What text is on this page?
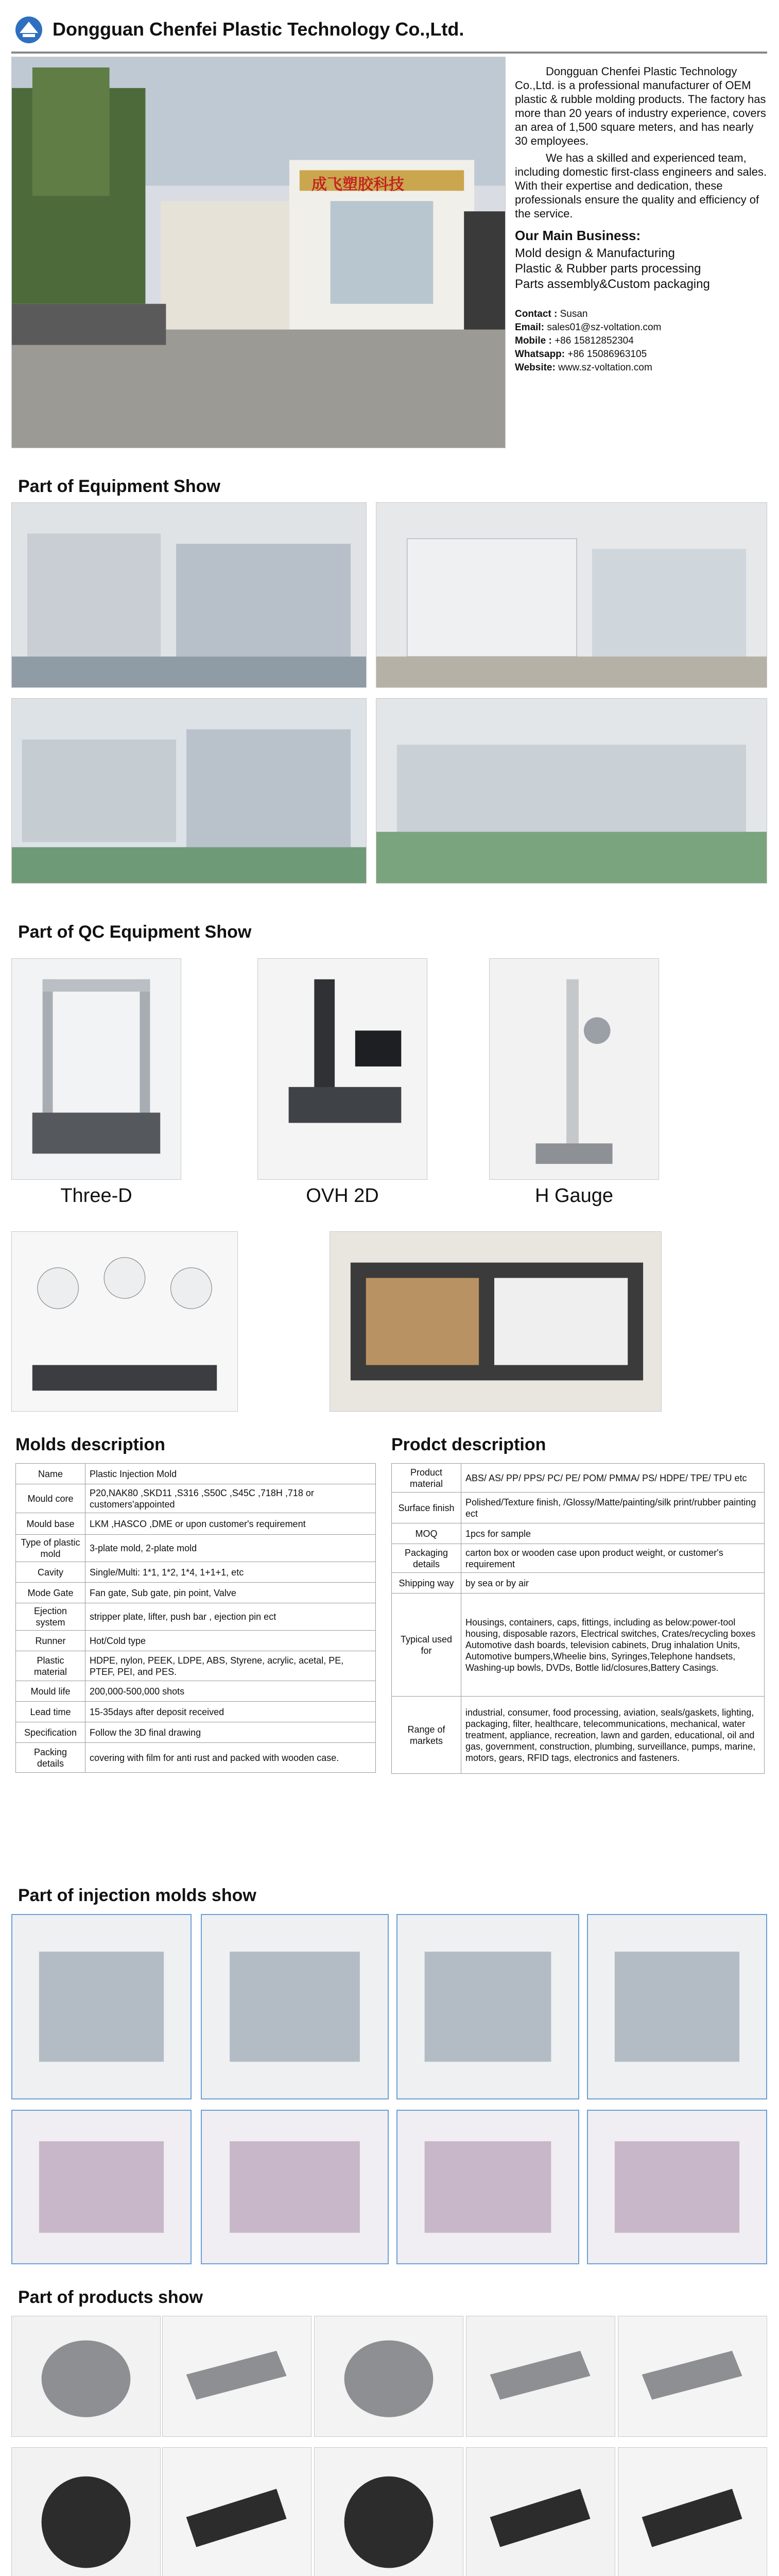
Dongguan Chenfei Plastic Technology Co.,Ltd.
成飞塑胶科技

Dongguan Chenfei Plastic Technology Co.,Ltd. is a professional manufacturer of OEM plastic & rubble molding products. The factory has more than 20 years of industry experience, covers an area of 1,500 square meters, and has nearly 30 employees.

We has a skilled and experienced team, including domestic first-class engineers and sales. With their expertise and dedication, these professionals ensure the quality and efficiency of the service.

Our Main Business:
Mold design & Manufacturing
Plastic & Rubber parts processing
Parts assembly&Custom packaging
Contact : Susan
Email: sales01@sz-voltation.com
Mobile : +86 15812852304
Whatsapp: +86 15086963105
Website: www.sz-voltation.com
Part of Equipment Show
Part of QC Equipment Show
Three-D	OVH 2D	H Gauge
Molds description
Name	Plastic Injection Mold
Mould core	P20,NAK80 ,SKD11 ,S316 ,S50C ,S45C ,718H ,718 or customers'appointed
Mould base	LKM ,HASCO ,DME or upon customer's requirement
Type of plastic mold	3-plate mold, 2-plate mold
Cavity	Single/Multi: 1*1, 1*2, 1*4, 1+1+1, etc
Mode Gate	Fan gate, Sub gate, pin point, Valve
Ejection system	stripper plate, lifter, push bar , ejection pin ect
Runner	Hot/Cold type
Plastic material	HDPE, nylon, PEEK, LDPE, ABS, Styrene, acrylic, acetal, PE, PTEF, PEI, and PES.
Mould life	200,000-500,000 shots
Lead time	15-35days after deposit received
Specification	Follow the 3D final drawing
Packing details	covering with film for anti rust and packed with wooden case.
Prodct description
Product material	ABS/ AS/ PP/ PPS/ PC/ PE/ POM/ PMMA/ PS/ HDPE/ TPE/ TPU etc
Surface finish	Polished/Texture finish, /Glossy/Matte/painting/silk print/rubber painting ect
MOQ	1pcs for sample
Packaging details	carton box or wooden case upon product weight, or customer's requirement
Shipping way	by sea or by air
Typical used for	Housings, containers, caps, fittings, including as below:power-tool housing, disposable razors, Electrical switches, Crates/recycling boxes Automotive dash boards, television cabinets, Drug inhalation Units, Automotive bumpers,Wheelie bins, Syringes,Telephone handsets, Washing-up bowls, DVDs, Bottle lid/closures,Battery Casings.
Range of markets	industrial, consumer, food processing, aviation, seals/gaskets, lighting, packaging, filter, healthcare, telecommunications, mechanical, water treatment, appliance, recreation, lawn and garden, educational, oil and gas, government, construction, plumbing, surveillance, pumps, marine, motors, gears, RFID tags, electronics and fasteners.
Part of injection molds show
Part of products show
